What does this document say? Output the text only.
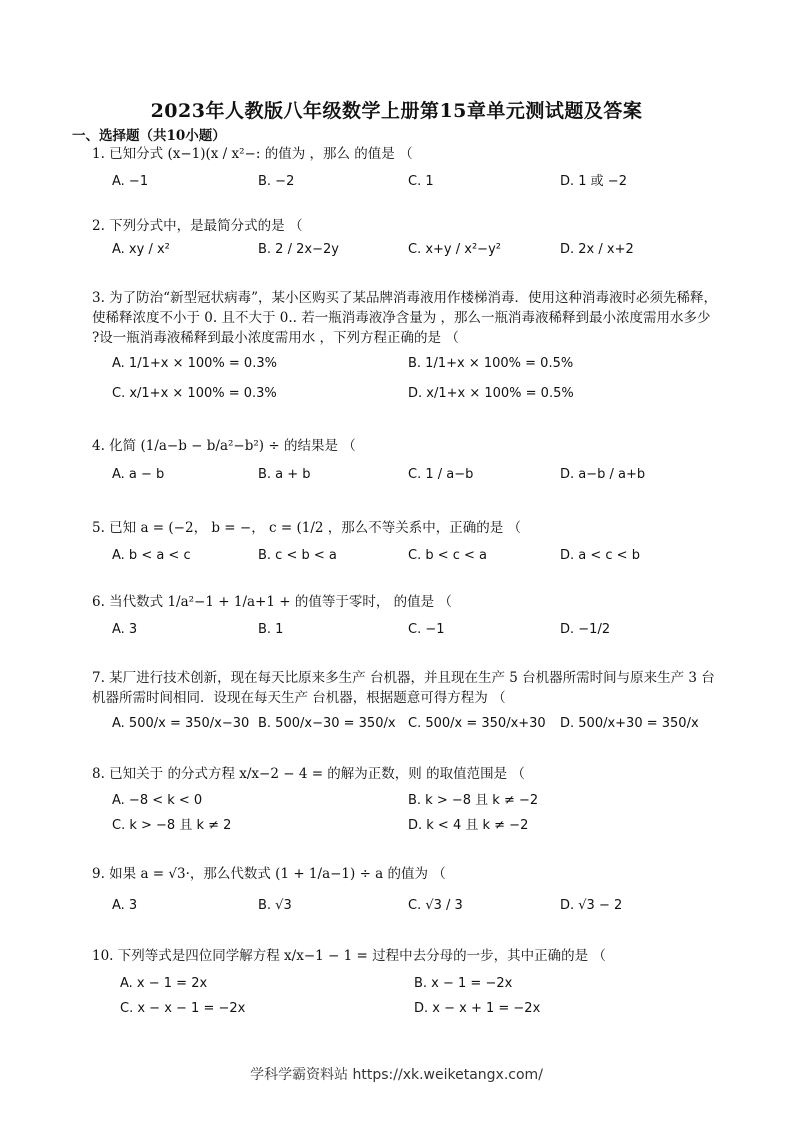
2023年人教版八年级数学上册第15章单元测试题及答案
一、选择题（共10小题）
1. 已知分式 (x−1)(x / x²−: 的值为 ，那么 的值是 （
A. −1	B. −2	C. 1	D. 1 或 −2
2. 下列分式中，是最简分式的是 （
A. xy / x²	B. 2 / 2x−2y	C. x+y / x²−y²	D. 2x / x+2
3. 为了防治“新型冠状病毒”，某小区购买了某品牌消毒液用作楼梯消毒．使用这种消毒液时必须先稀释，使稀释浓度不小于 0. 且不大于 0.. 若一瓶消毒液净含量为 ，那么一瓶消毒液稀释到最小浓度需用水多少 ?设一瓶消毒液稀释到最小浓度需用水 ，下列方程正确的是 （
A. 1/1+x × 100% = 0.3%	B. 1/1+x × 100% = 0.5%
C. x/1+x × 100% = 0.3%	D. x/1+x × 100% = 0.5%
4. 化简 (1/a−b − b/a²−b²) ÷ 的结果是 （
A. a − b	B. a + b	C. 1 / a−b	D. a−b / a+b
5. 已知 a = (−2， b = −， c = (1/2 ，那么不等关系中，正确的是 （
A. b < a < c	B. c < b < a	C. b < c < a	D. a < c < b
6. 当代数式 1/a²−1 + 1/a+1 + 的值等于零时， 的值是 （
A. 3	B. 1	C. −1	D. −1/2
7. 某厂进行技术创新，现在每天比原来多生产 台机器，并且现在生产 5 台机器所需时间与原来生产 3 台机器所需时间相同．设现在每天生产 台机器，根据题意可得方程为 （
A. 500/x = 350/x−30 B. 500/x−30 = 350/x C. 500/x = 350/x+30 D. 500/x+30 = 350/x
8. 已知关于 的分式方程 x/x−2 − 4 = 的解为正数，则 的取值范围是 （
A. −8 < k < 0	B. k > −8 且 k ≠ −2
C. k > −8 且 k ≠ 2	D. k < 4 且 k ≠ −2
9. 如果 a = √3·，那么代数式 (1 + 1/a−1) ÷ a 的值为 （
A. 3	B. √3	C. √3 / 3	D. √3 − 2
10. 下列等式是四位同学解方程 x/x−1 − 1 = 过程中去分母的一步，其中正确的是 （
A. x − 1 = 2x	B. x − 1 = −2x
C. x − x − 1 = −2x	D. x − x + 1 = −2x
学科学霸资料站 https://xk.weiketangx.com/
